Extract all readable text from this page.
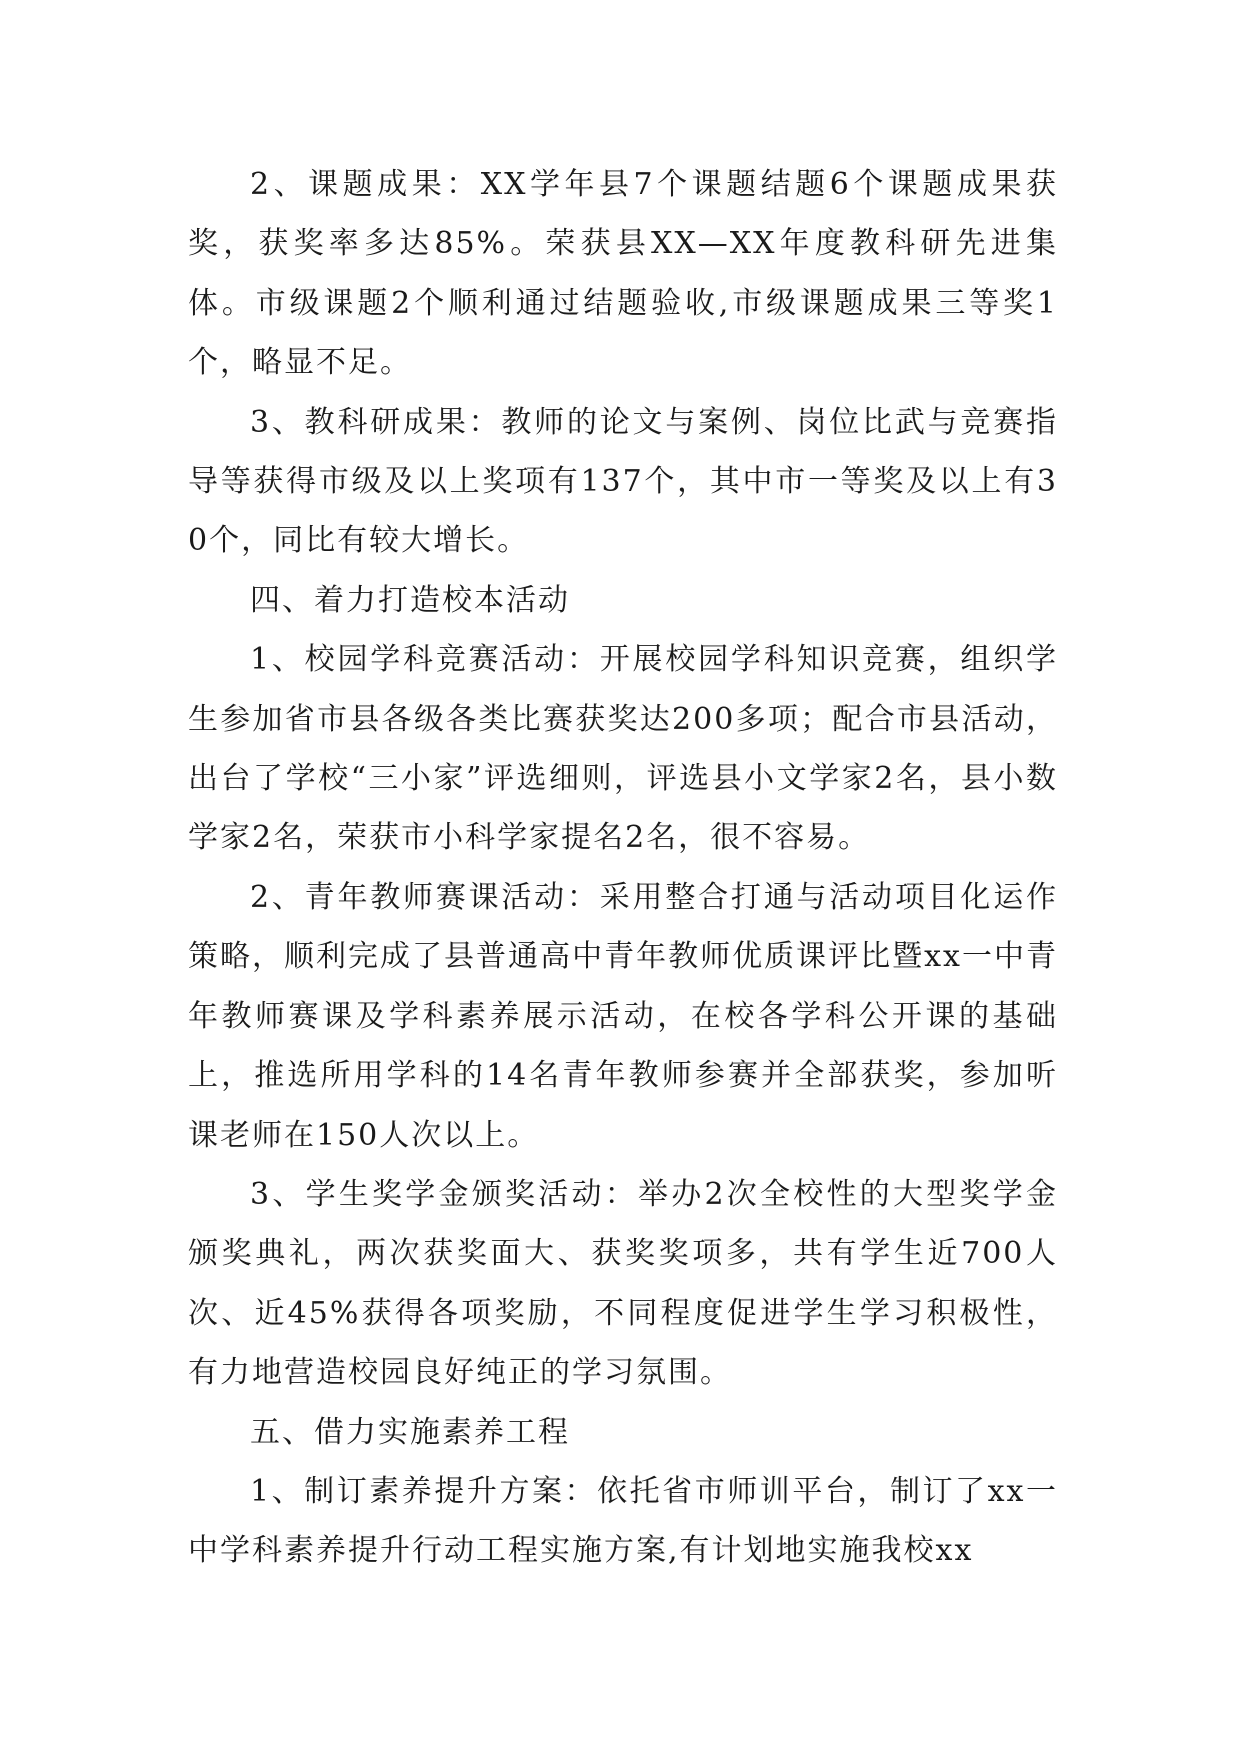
2、课题成果：XX学年县7个课题结题6个课题成果获奖，获奖率多达85%。荣获县XX—XX年度教科研先进集体。市级课题2个顺利通过结题验收,市级课题成果三等奖1个，略显不足。

3、教科研成果：教师的论文与案例、岗位比武与竞赛指导等获得市级及以上奖项有137个，其中市一等奖及以上有30个，同比有较大增长。

四、着力打造校本活动

1、校园学科竞赛活动：开展校园学科知识竞赛，组织学生参加省市县各级各类比赛获奖达200多项；配合市县活动，出台了学校“三小家”评选细则，评选县小文学家2名，县小数学家2名，荣获市小科学家提名2名，很不容易。

2、青年教师赛课活动：采用整合打通与活动项目化运作策略，顺利完成了县普通高中青年教师优质课评比暨xx一中青年教师赛课及学科素养展示活动，在校各学科公开课的基础上，推选所用学科的14名青年教师参赛并全部获奖，参加听课老师在150人次以上。

3、学生奖学金颁奖活动：举办2次全校性的大型奖学金颁奖典礼，两次获奖面大、获奖奖项多，共有学生近700人次、近45%获得各项奖励，不同程度促进学生学习积极性，有力地营造校园良好纯正的学习氛围。

五、借力实施素养工程

1、制订素养提升方案：依托省市师训平台，制订了xx一中学科素养提升行动工程实施方案,有计划地实施我校xx
